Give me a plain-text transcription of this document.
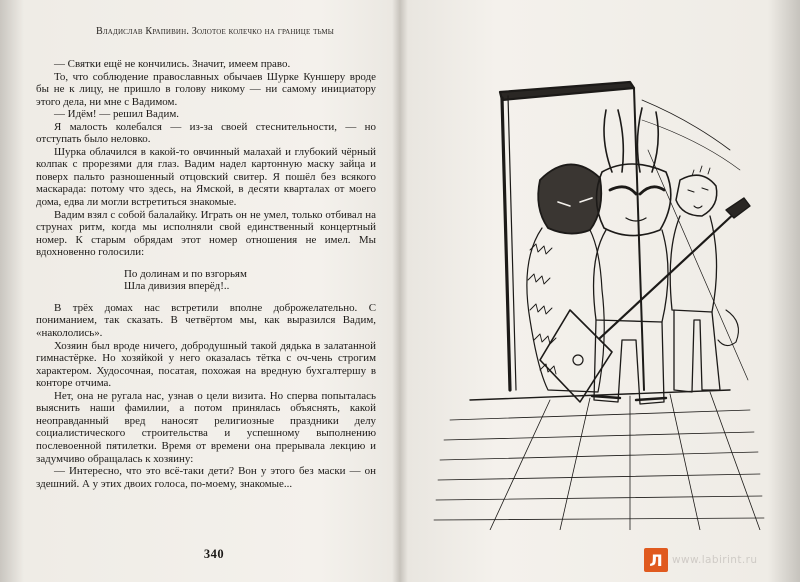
Владислав Крапивин. Золотое колечко на границе тьмы

— Святки ещё не кончились. Значит, имеем право.

То, что соблюдение православных обычаев Шурке Куншеру вроде бы не к лицу, не пришло в голову никому — ни самому инициатору этого дела, ни мне с Вадимом.

— Идём! — решил Вадим.

Я малость колебался — из-за своей стеснительности, — но отступать было неловко.

Шурка облачился в какой-то овчинный малахай и глубокий чёрный колпак с прорезями для глаз. Вадим надел картонную маску зайца и поверх пальто разношенный отцовский свитер. Я пошёл без всякого маскарада: потому что здесь, на Ямской, в десяти кварталах от моего дома, едва ли могли встретиться знакомые.

Вадим взял с собой балалайку. Играть он не умел, только отбивал на струнах ритм, когда мы исполняли свой единственный концертный номер. К старым обрядам этот номер отношения не имел. Мы вдохновенно голосили:

По долинам и по взгорьям
Шла дивизия вперёд!..

В трёх домах нас встретили вполне доброжелательно. С пониманием, так сказать. В четвёртом мы, как выразился Вадим, «накололись».

Хозяин был вроде ничего, добродушный такой дядька в залатанной гимнастёрке. Но хозяйкой у него оказалась тётка с оч-чень строгим характером. Худосочная, посатая, похожая на вредную бухгалтершу в конторе отчима.

Нет, она не ругала нас, узнав о цели визита. Но сперва попыталась выяснить наши фамилии, а потом принялась объяснять, какой неоправданный вред наносят религиозные праздники делу социалистического строительства и успешному выполнению послевоенной пятилетки. Время от времени она прерывала лекцию и задумчиво обращалась к хозяину:

— Интересно, что это всё-таки дети? Вон у этого без маски — он здешний. А у этих двоих голоса, по-моему, знакомые...

340	Л www.labirint.ru
